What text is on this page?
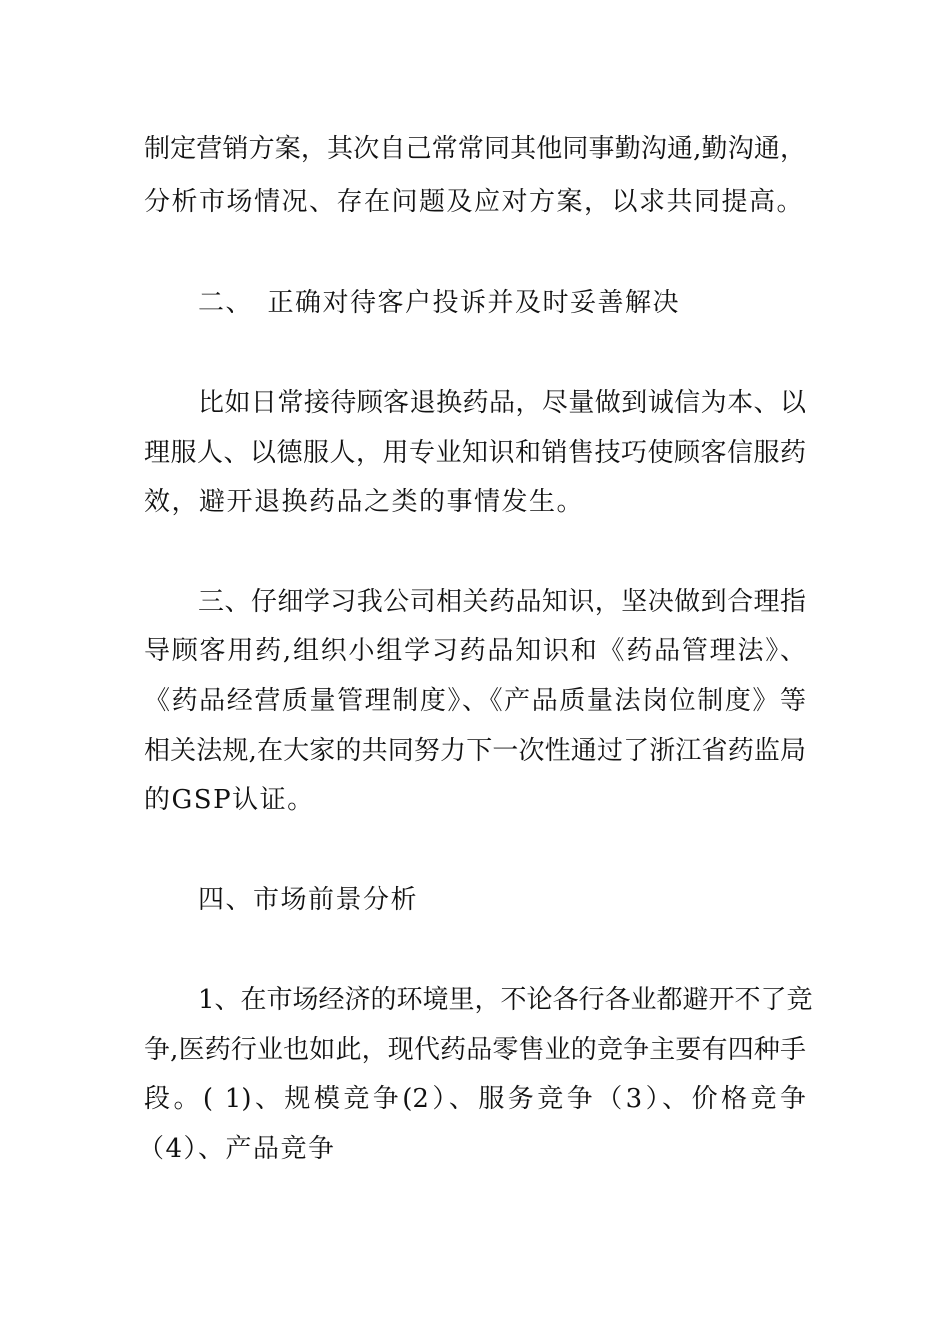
制定营销方案，其次自己常常同其他同事勤沟通,勤沟通，
分析市场情况、存在问题及应对方案，以求共同提高。
二、　正确对待客户投诉并及时妥善解决
比如日常接待顾客退换药品，尽量做到诚信为本、以
理服人、以德服人，用专业知识和销售技巧使顾客信服药
效，避开退换药品之类的事情发生。
三、仔细学习我公司相关药品知识，坚决做到合理指
导顾客用药,组织小组学习药品知识和《药品管理法》、
《药品经营质量管理制度》、《产品质量法岗位制度》等
相关法规,在大家的共同努力下一次性通过了浙江省药监局
的GSP认证。
四、市场前景分析
1、在市场经济的环境里，不论各行各业都避开不了竞
争,医药行业也如此，现代药品零售业的竞争主要有四种手
段。( 1)、规模竞争(2）、服务竞争（3）、价格竞争
（4）、产品竞争
